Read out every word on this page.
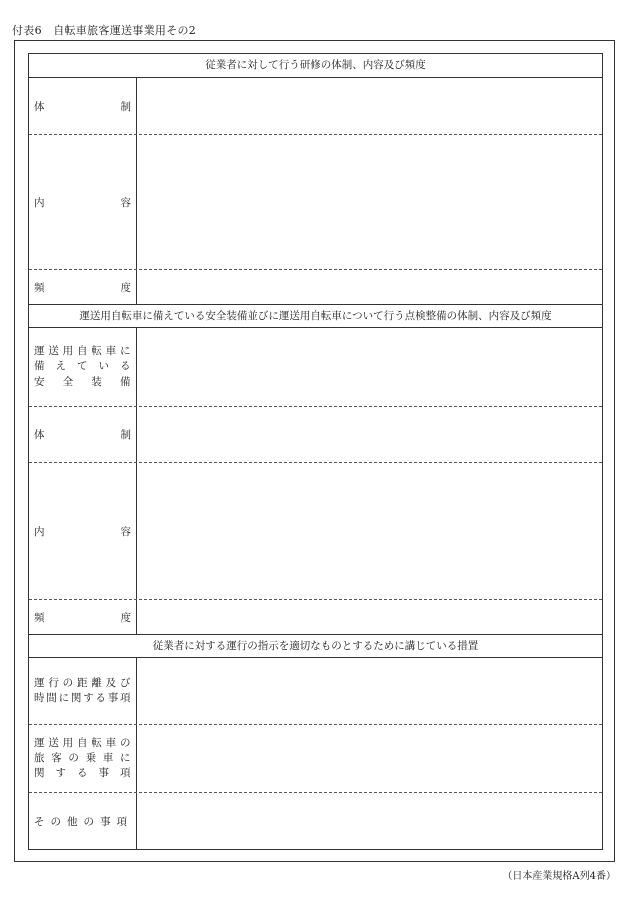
付表6　自転車旅客運送事業用その2
従業者に対して行う研修の体制、内容及び頻度
体	制
内	容
頻	度
運送用自転車に備えている安全装備並びに運送用自転車について行う点検整備の体制、内容及び頻度
運送用自転車に
備えている
安全装備
体	制
内	容
頻	度
従業者に対する運行の指示を適切なものとするために講じている措置
運行の距離及び
時間に関する事項
運送用自転車の
旅客の乗車に
関する事項
その他の事項
（日本産業規格A列4番）
